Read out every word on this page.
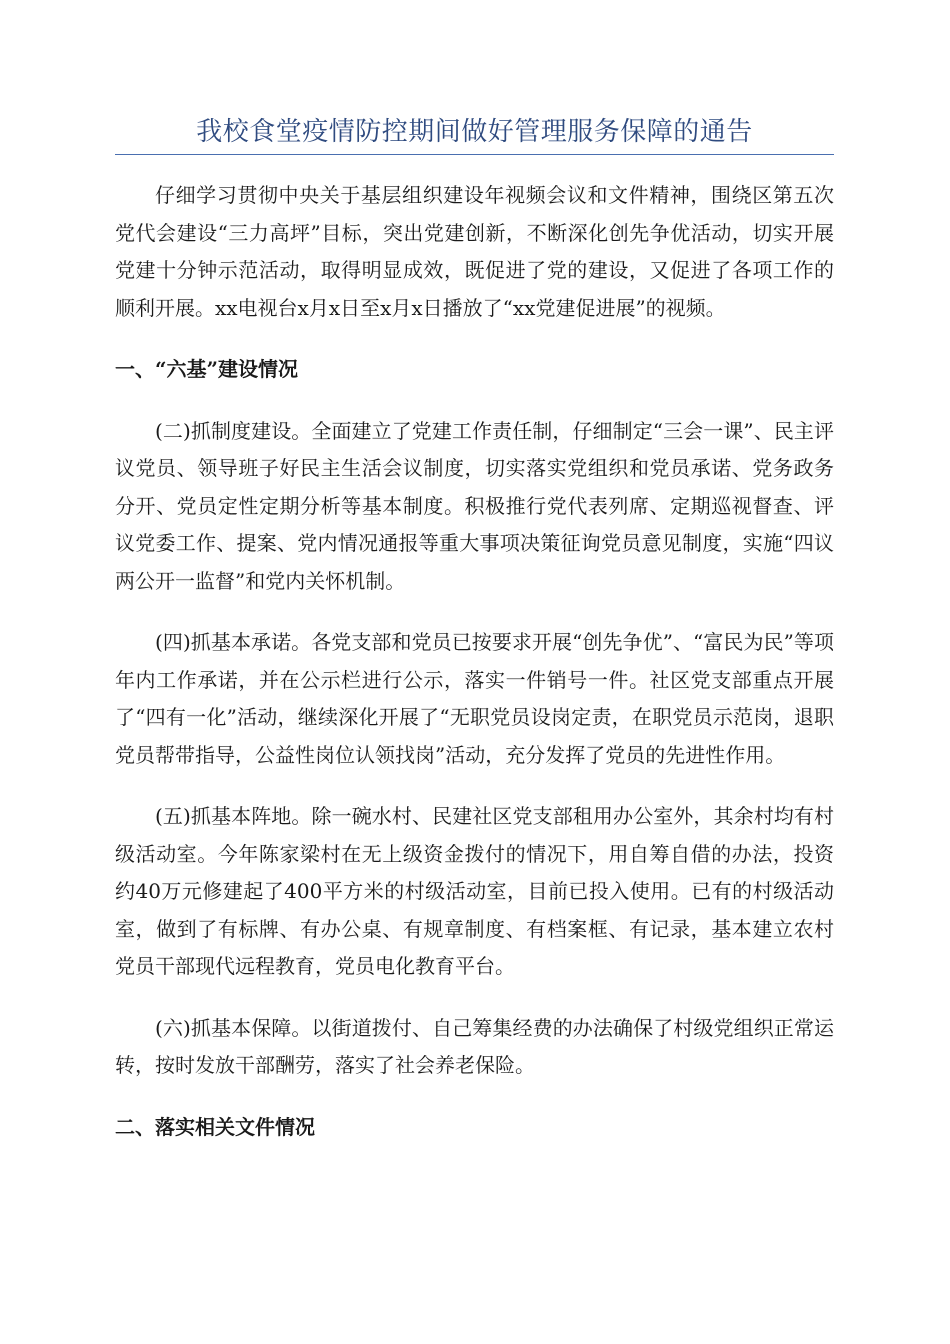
我校食堂疫情防控期间做好管理服务保障的通告

仔细学习贯彻中央关于基层组织建设年视频会议和文件精神，围绕区第五次党代会建设“三力高坪”目标，突出党建创新，不断深化创先争优活动，切实开展党建十分钟示范活动，取得明显成效，既促进了党的建设，又促进了各项工作的顺利开展。xx电视台x月x日至x月x日播放了“xx党建促进展”的视频。

一、“六基”建设情况

(二)抓制度建设。全面建立了党建工作责任制，仔细制定“三会一课”、民主评议党员、领导班子好民主生活会议制度，切实落实党组织和党员承诺、党务政务分开、党员定性定期分析等基本制度。积极推行党代表列席、定期巡视督查、评议党委工作、提案、党内情况通报等重大事项决策征询党员意见制度，实施“四议两公开一监督”和党内关怀机制。

(四)抓基本承诺。各党支部和党员已按要求开展“创先争优”、“富民为民”等项年内工作承诺，并在公示栏进行公示，落实一件销号一件。社区党支部重点开展了“四有一化”活动，继续深化开展了“无职党员设岗定责，在职党员示范岗，退职党员帮带指导，公益性岗位认领找岗”活动，充分发挥了党员的先进性作用。

(五)抓基本阵地。除一碗水村、民建社区党支部租用办公室外，其余村均有村级活动室。今年陈家梁村在无上级资金拨付的情况下，用自筹自借的办法，投资约40万元修建起了400平方米的村级活动室，目前已投入使用。已有的村级活动室，做到了有标牌、有办公桌、有规章制度、有档案框、有记录，基本建立农村党员干部现代远程教育，党员电化教育平台。

(六)抓基本保障。以街道拨付、自己筹集经费的办法确保了村级党组织正常运转，按时发放干部酬劳，落实了社会养老保险。

二、落实相关文件情况
